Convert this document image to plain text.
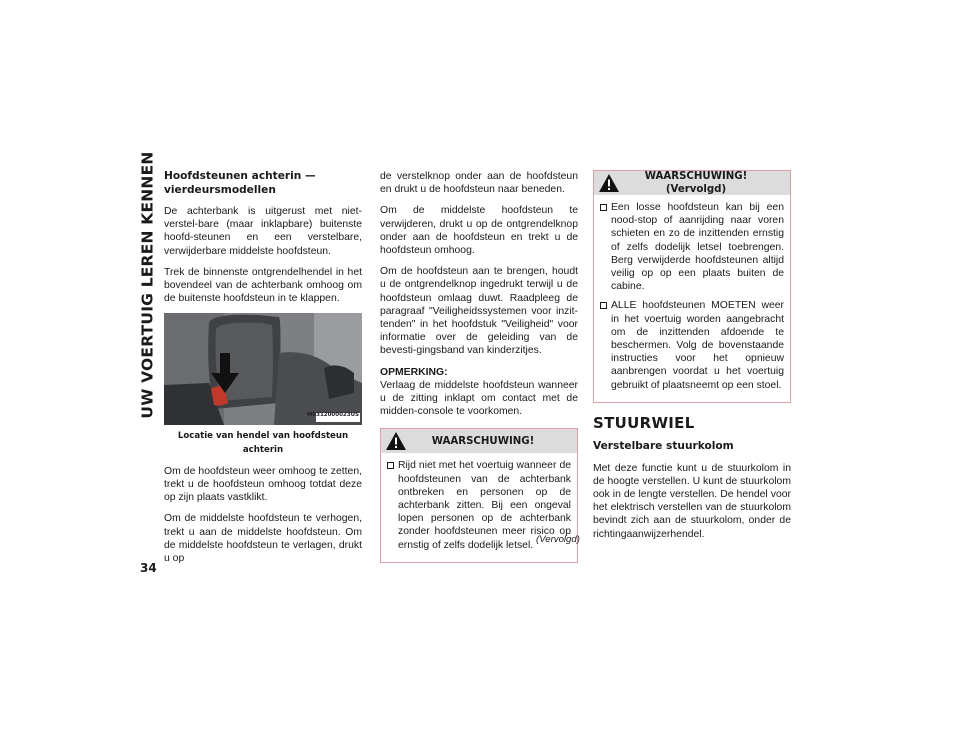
UW VOERTUIG LEREN KENNEN
34
Hoofdsteunen achterin — vierdeursmodellen

De achterbank is uitgerust met niet-verstel-bare (maar inklapbare) buitenste hoofd-steunen en een verstelbare, verwijderbare middelste hoofdsteun.

Trek de binnenste ontgrendelhendel in het bovendeel van de achterbank omhoog om de buitenste hoofdsteun in te klappen.

M0312000023US
Locatie van hendel van hoofdsteun achterin

Om de hoofdsteun weer omhoog te zetten, trekt u de hoofdsteun omhoog totdat deze op zijn plaats vastklikt.

Om de middelste hoofdsteun te verhogen, trekt u aan de middelste hoofdsteun. Om de middelste hoofdsteun te verlagen, drukt u op

de verstelknop onder aan de hoofdsteun en drukt u de hoofdsteun naar beneden.

Om de middelste hoofdsteun te verwijderen, drukt u op de ontgrendelknop onder aan de hoofdsteun en trekt u de hoofdsteun omhoog.

Om de hoofdsteun aan te brengen, houdt u de ontgrendelknop ingedrukt terwijl u de hoofdsteun omlaag duwt. Raadpleeg de paragraaf "Veiligheidssystemen voor inzit-tenden" in het hoofdstuk "Veiligheid" voor informatie over de geleiding van de bevesti-gingsband van kinderzitjes.

OPMERKING:

Verlaag de middelste hoofdsteun wanneer u de zitting inklapt om contact met de midden-console te voorkomen.

WAARSCHUWING!
Rijd niet met het voertuig wanneer de hoofdsteunen van de achterbank ontbreken en personen op de achterbank zitten. Bij een ongeval lopen personen op de achterbank zonder hoofdsteunen meer risico op ernstig of zelfs dodelijk letsel.
(Vervolgd)
WAARSCHUWING! (Vervolgd)
Een losse hoofdsteun kan bij een nood-stop of aanrijding naar voren schieten en zo de inzittenden ernstig of zelfs dodelijk letsel toebrengen. Berg verwijderde hoofdsteunen altijd veilig op op een plaats buiten de cabine.
ALLE hoofdsteunen MOETEN weer in het voertuig worden aangebracht om de inzittenden afdoende te beschermen. Volg de bovenstaande instructies voor het opnieuw aanbrengen voordat u het voertuig gebruikt of plaatsneemt op een stoel.
STUURWIEL
Verstelbare stuurkolom

Met deze functie kunt u de stuurkolom in de hoogte verstellen. U kunt de stuurkolom ook in de lengte verstellen. De hendel voor het elektrisch verstellen van de stuurkolom bevindt zich aan de stuurkolom, onder de richtingaanwijzerhendel.
